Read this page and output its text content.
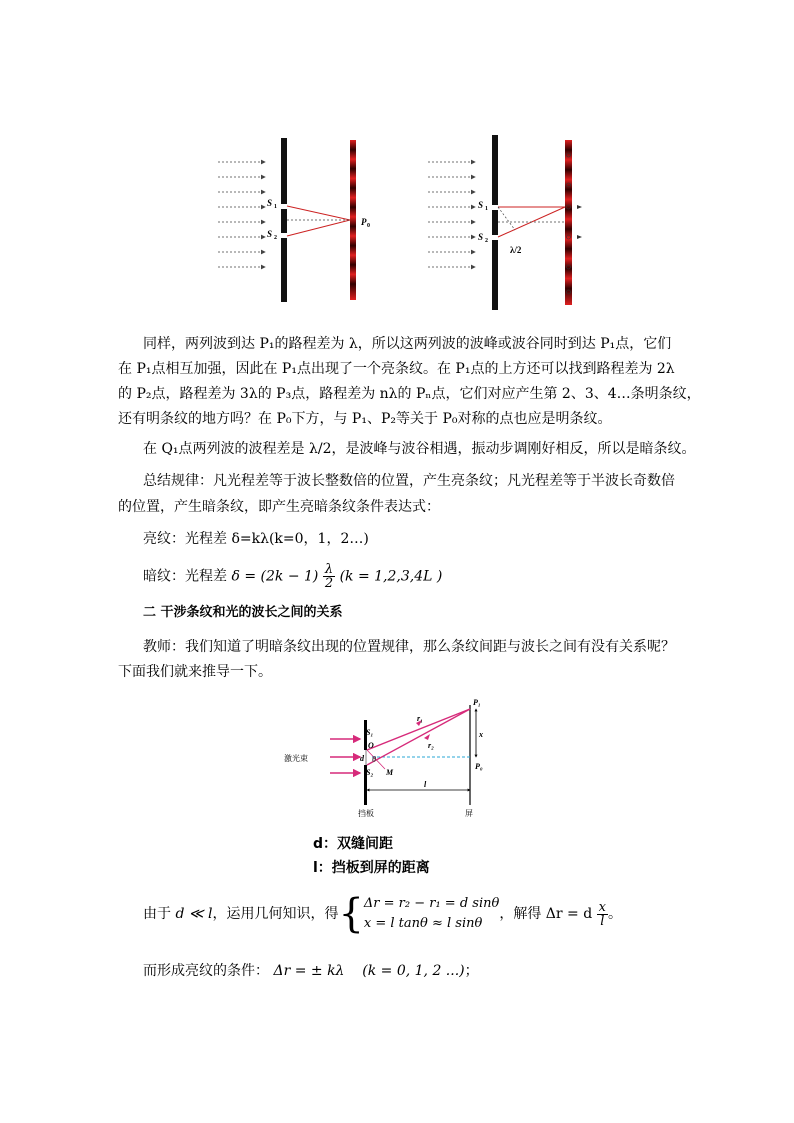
S 1
S 2
P 0
S 1
S 2
λ/2
同样，两列波到达 P₁的路程差为 λ，所以这两列波的波峰或波谷同时到达 P₁点，它们
在 P₁点相互加强，因此在 P₁点出现了一个亮条纹。在 P₁点的上方还可以找到路程差为 2λ
的 P₂点，路程差为 3λ的 P₃点，路程差为 nλ的 Pₙ点，它们对应产生第 2、3、4…条明条纹，
还有明条纹的地方吗？在 P₀下方，与 P₁、P₂等关于 P₀对称的点也应是明条纹。
在 Q₁点两列波的波程差是 λ/2，是波峰与波谷相遇，振动步调刚好相反，所以是暗条纹。
总结规律：凡光程差等于波长整数倍的位置，产生亮条纹；凡光程差等于半波长奇数倍
的位置，产生暗条纹，即产生亮暗条纹条件表达式：
亮纹：光程差 δ=kλ(k=0，1，2…)
暗纹：光程差 $\delta = (2k - 1) \frac{\lambda}{2} (k = 1,2,3,4L$ )
二 干涉条纹和光的波长之间的关系
教师：我们知道了明暗条纹出现的位置规律，那么条纹间距与波长之间有没有关系呢？
下面我们就来推导一下。
激光束
P₁
P₀
S₁
S₂
O
M
d θ
r₁
r₂
x
l
挡板	屏
d：双缝间距
l：挡板到屏的距离
由于 d ≪ l，运用几何知识，得{ Δr = r₂ − r₁ = d sinθ
x = l tanθ ≈ l sinθ
，解得 Δr = d $\frac{x}{l}$ 。
而形成亮纹的条件： Δr = ± kλ (k = 0, 1, 2 ...)；
